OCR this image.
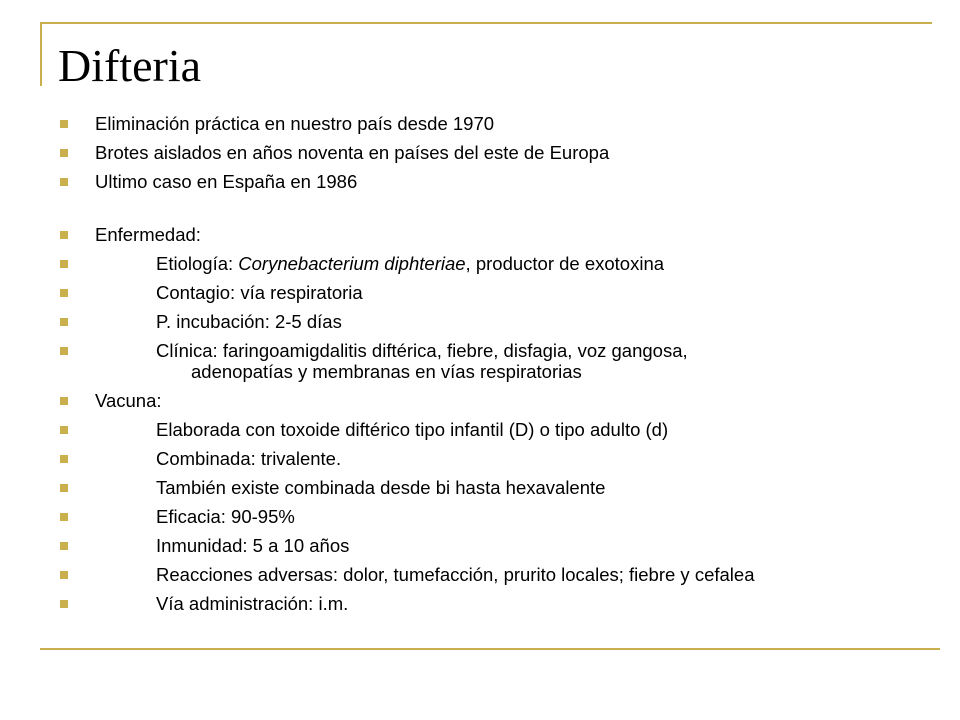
Difteria
Eliminación práctica en nuestro país desde 1970
Brotes aislados en años noventa en países del este de Europa
Ultimo caso en España en 1986
Enfermedad:
Etiología: Corynebacterium diphteriae, productor de exotoxina
Contagio: vía respiratoria
P. incubación: 2-5 días
Clínica: faringoamigdalitis diftérica, fiebre, disfagia, voz gangosa,
adenopatías y membranas en vías respiratorias
Vacuna:
Elaborada con toxoide diftérico tipo infantil (D) o tipo adulto (d)
Combinada: trivalente.
También existe combinada desde bi hasta hexavalente
Eficacia: 90-95%
Inmunidad: 5 a 10 años
Reacciones adversas: dolor, tumefacción, prurito locales; fiebre y cefalea
Vía administración: i.m.
